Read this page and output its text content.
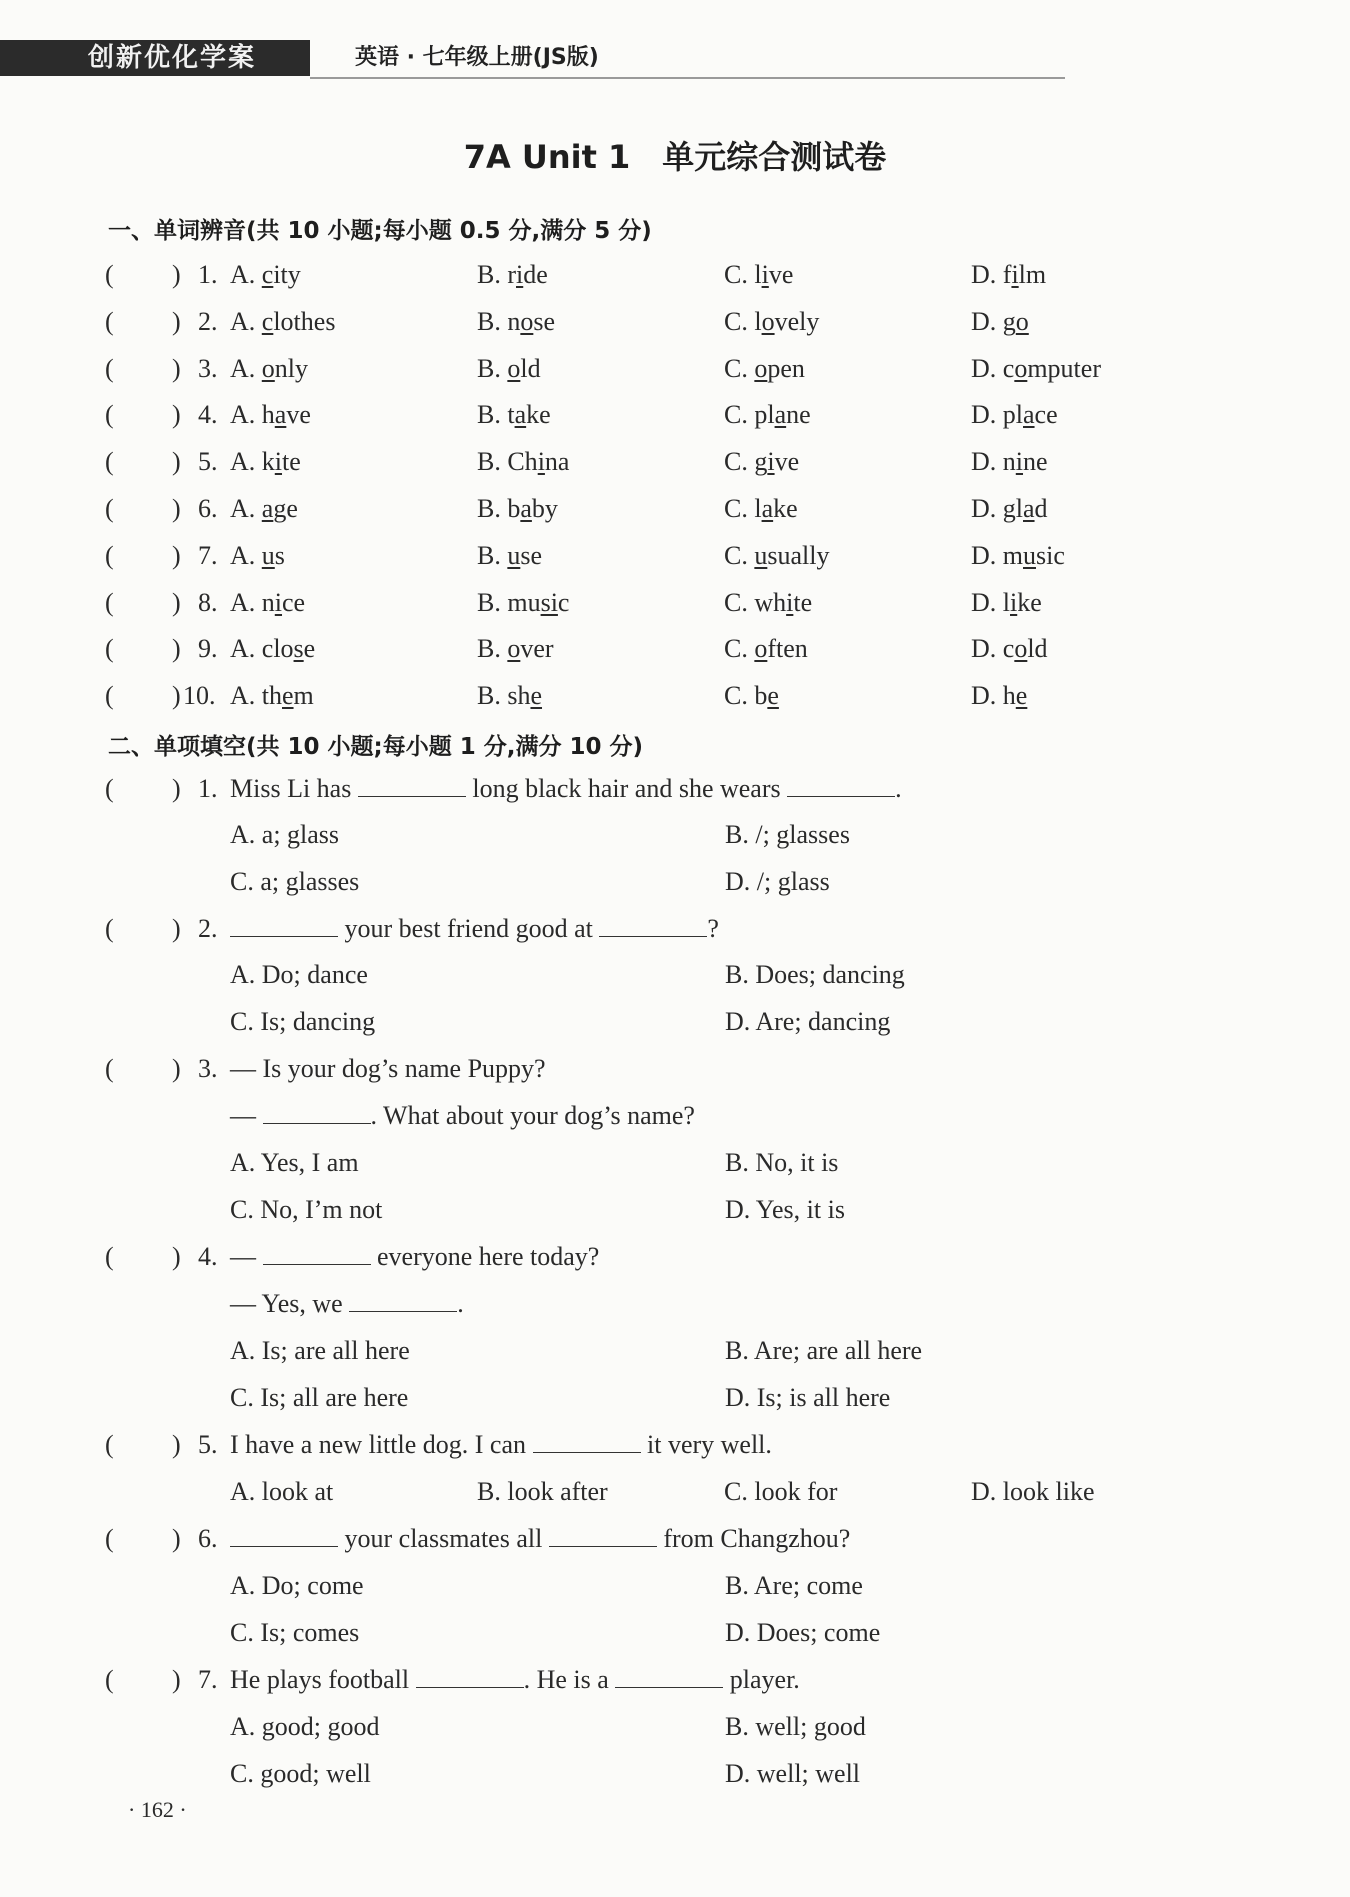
创新优化学案	英语 · 七年级上册(JS版)
7A Unit 1 单元综合测试卷
一、单词辨音(共 10 小题;每小题 0.5 分,满分 5 分)
( ) 1. A. city	B. ride	C. live	D. film
( ) 2. A. clothes	B. nose	C. lovely	D. go
( ) 3. A. only	B. old	C. open	D. computer
( ) 4. A. have	B. take	C. plane	D. place
( ) 5. A. kite	B. China	C. give	D. nine
( ) 6. A. age	B. baby	C. lake	D. glad
( ) 7. A. us	B. use	C. usually	D. music
( ) 8. A. nice	B. music	C. white	D. like
( ) 9. A. close	B. over	C. often	D. cold
( ) 10. A. them	B. she	C. be	D. he
二、单项填空(共 10 小题;每小题 1 分,满分 10 分)
( ) 1. Miss Li has	long black hair and she wears	.
A. a; glass	B. /; glasses
C. a; glasses	D. /; glass
( ) 2.	your best friend good at	?
A. Do; dance	B. Does; dancing
C. Is; dancing	D. Are; dancing
( ) 3. — Is your dog’s name Puppy?
—	. What about your dog’s name?
A. Yes, I am	B. No, it is
C. No, I’m not	D. Yes, it is
( ) 4. —	everyone here today?
— Yes, we	.
A. Is; are all here	B. Are; are all here
C. Is; all are here	D. Is; is all here
( ) 5. I have a new little dog. I can	it very well.
A. look at	B. look after	C. look for	D. look like
( ) 6.	your classmates all	from Changzhou?
A. Do; come	B. Are; come
C. Is; comes	D. Does; come
( ) 7. He plays football	. He is a	player.
A. good; good	B. well; good
C. good; well	D. well; well
· 162 ·
